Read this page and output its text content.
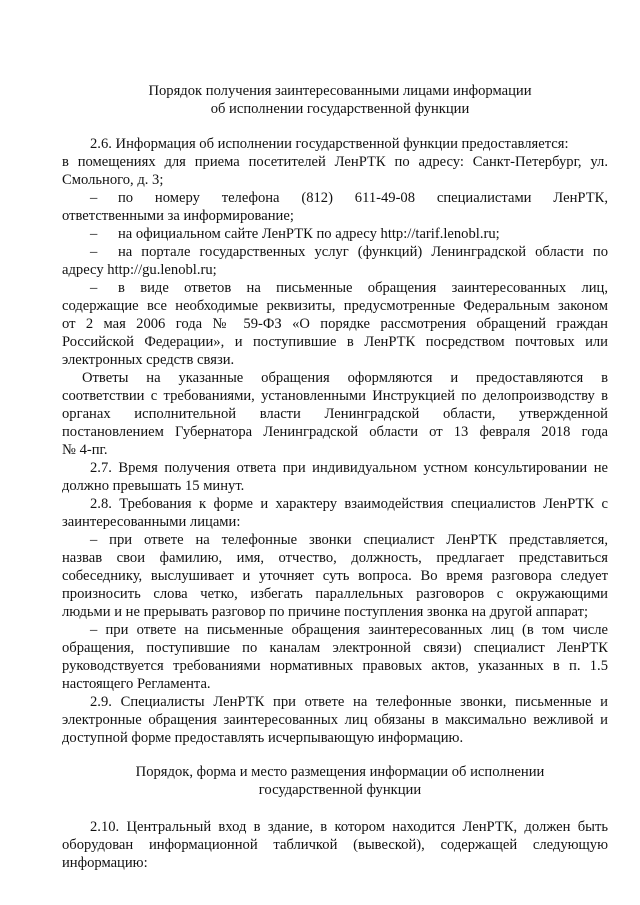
Порядок получения заинтересованными лицами информации
об исполнении государственной функции
2.6. Информация об исполнении государственной функции предоставляется:
в помещениях для приема посетителей ЛенРТК по адресу: Санкт-Петербург, ул.
Смольного, д. 3;
– по номеру телефона (812) 611-49-08 специалистами ЛенРТК,
ответственными за информирование;
– на официальном сайте ЛенРТК по адресу http://tarif.lenobl.ru;
– на портале государственных услуг (функций) Ленинградской области по
адресу http://gu.lenobl.ru;
– в виде ответов на письменные обращения заинтересованных лиц,
содержащие все необходимые реквизиты, предусмотренные Федеральным законом
от 2 мая 2006 года № 59-ФЗ «О порядке рассмотрения обращений граждан
Российской Федерации», и поступившие в ЛенРТК посредством почтовых или
электронных средств связи.
Ответы на указанные обращения оформляются и предоставляются в
соответствии с требованиями, установленными Инструкцией по делопроизводству в
органах исполнительной власти Ленинградской области, утвержденной
постановлением Губернатора Ленинградской области от 13 февраля 2018 года
№ 4-пг.
2.7. Время получения ответа при индивидуальном устном консультировании не
должно превышать 15 минут.
2.8. Требования к форме и характеру взаимодействия специалистов ЛенРТК с
заинтересованными лицами:
– при ответе на телефонные звонки специалист ЛенРТК представляется,
назвав свои фамилию, имя, отчество, должность, предлагает представиться
собеседнику, выслушивает и уточняет суть вопроса. Во время разговора следует
произносить слова четко, избегать параллельных разговоров с окружающими
людьми и не прерывать разговор по причине поступления звонка на другой аппарат;
– при ответе на письменные обращения заинтересованных лиц (в том числе
обращения, поступившие по каналам электронной связи) специалист ЛенРТК
руководствуется требованиями нормативных правовых актов, указанных в п. 1.5
настоящего Регламента.
2.9. Специалисты ЛенРТК при ответе на телефонные звонки, письменные и
электронные обращения заинтересованных лиц обязаны в максимально вежливой и
доступной форме предоставлять исчерпывающую информацию.
Порядок, форма и место размещения информации об исполнении
государственной функции
2.10. Центральный вход в здание, в котором находится ЛенРТК, должен быть
оборудован информационной табличкой (вывеской), содержащей следующую
информацию:
